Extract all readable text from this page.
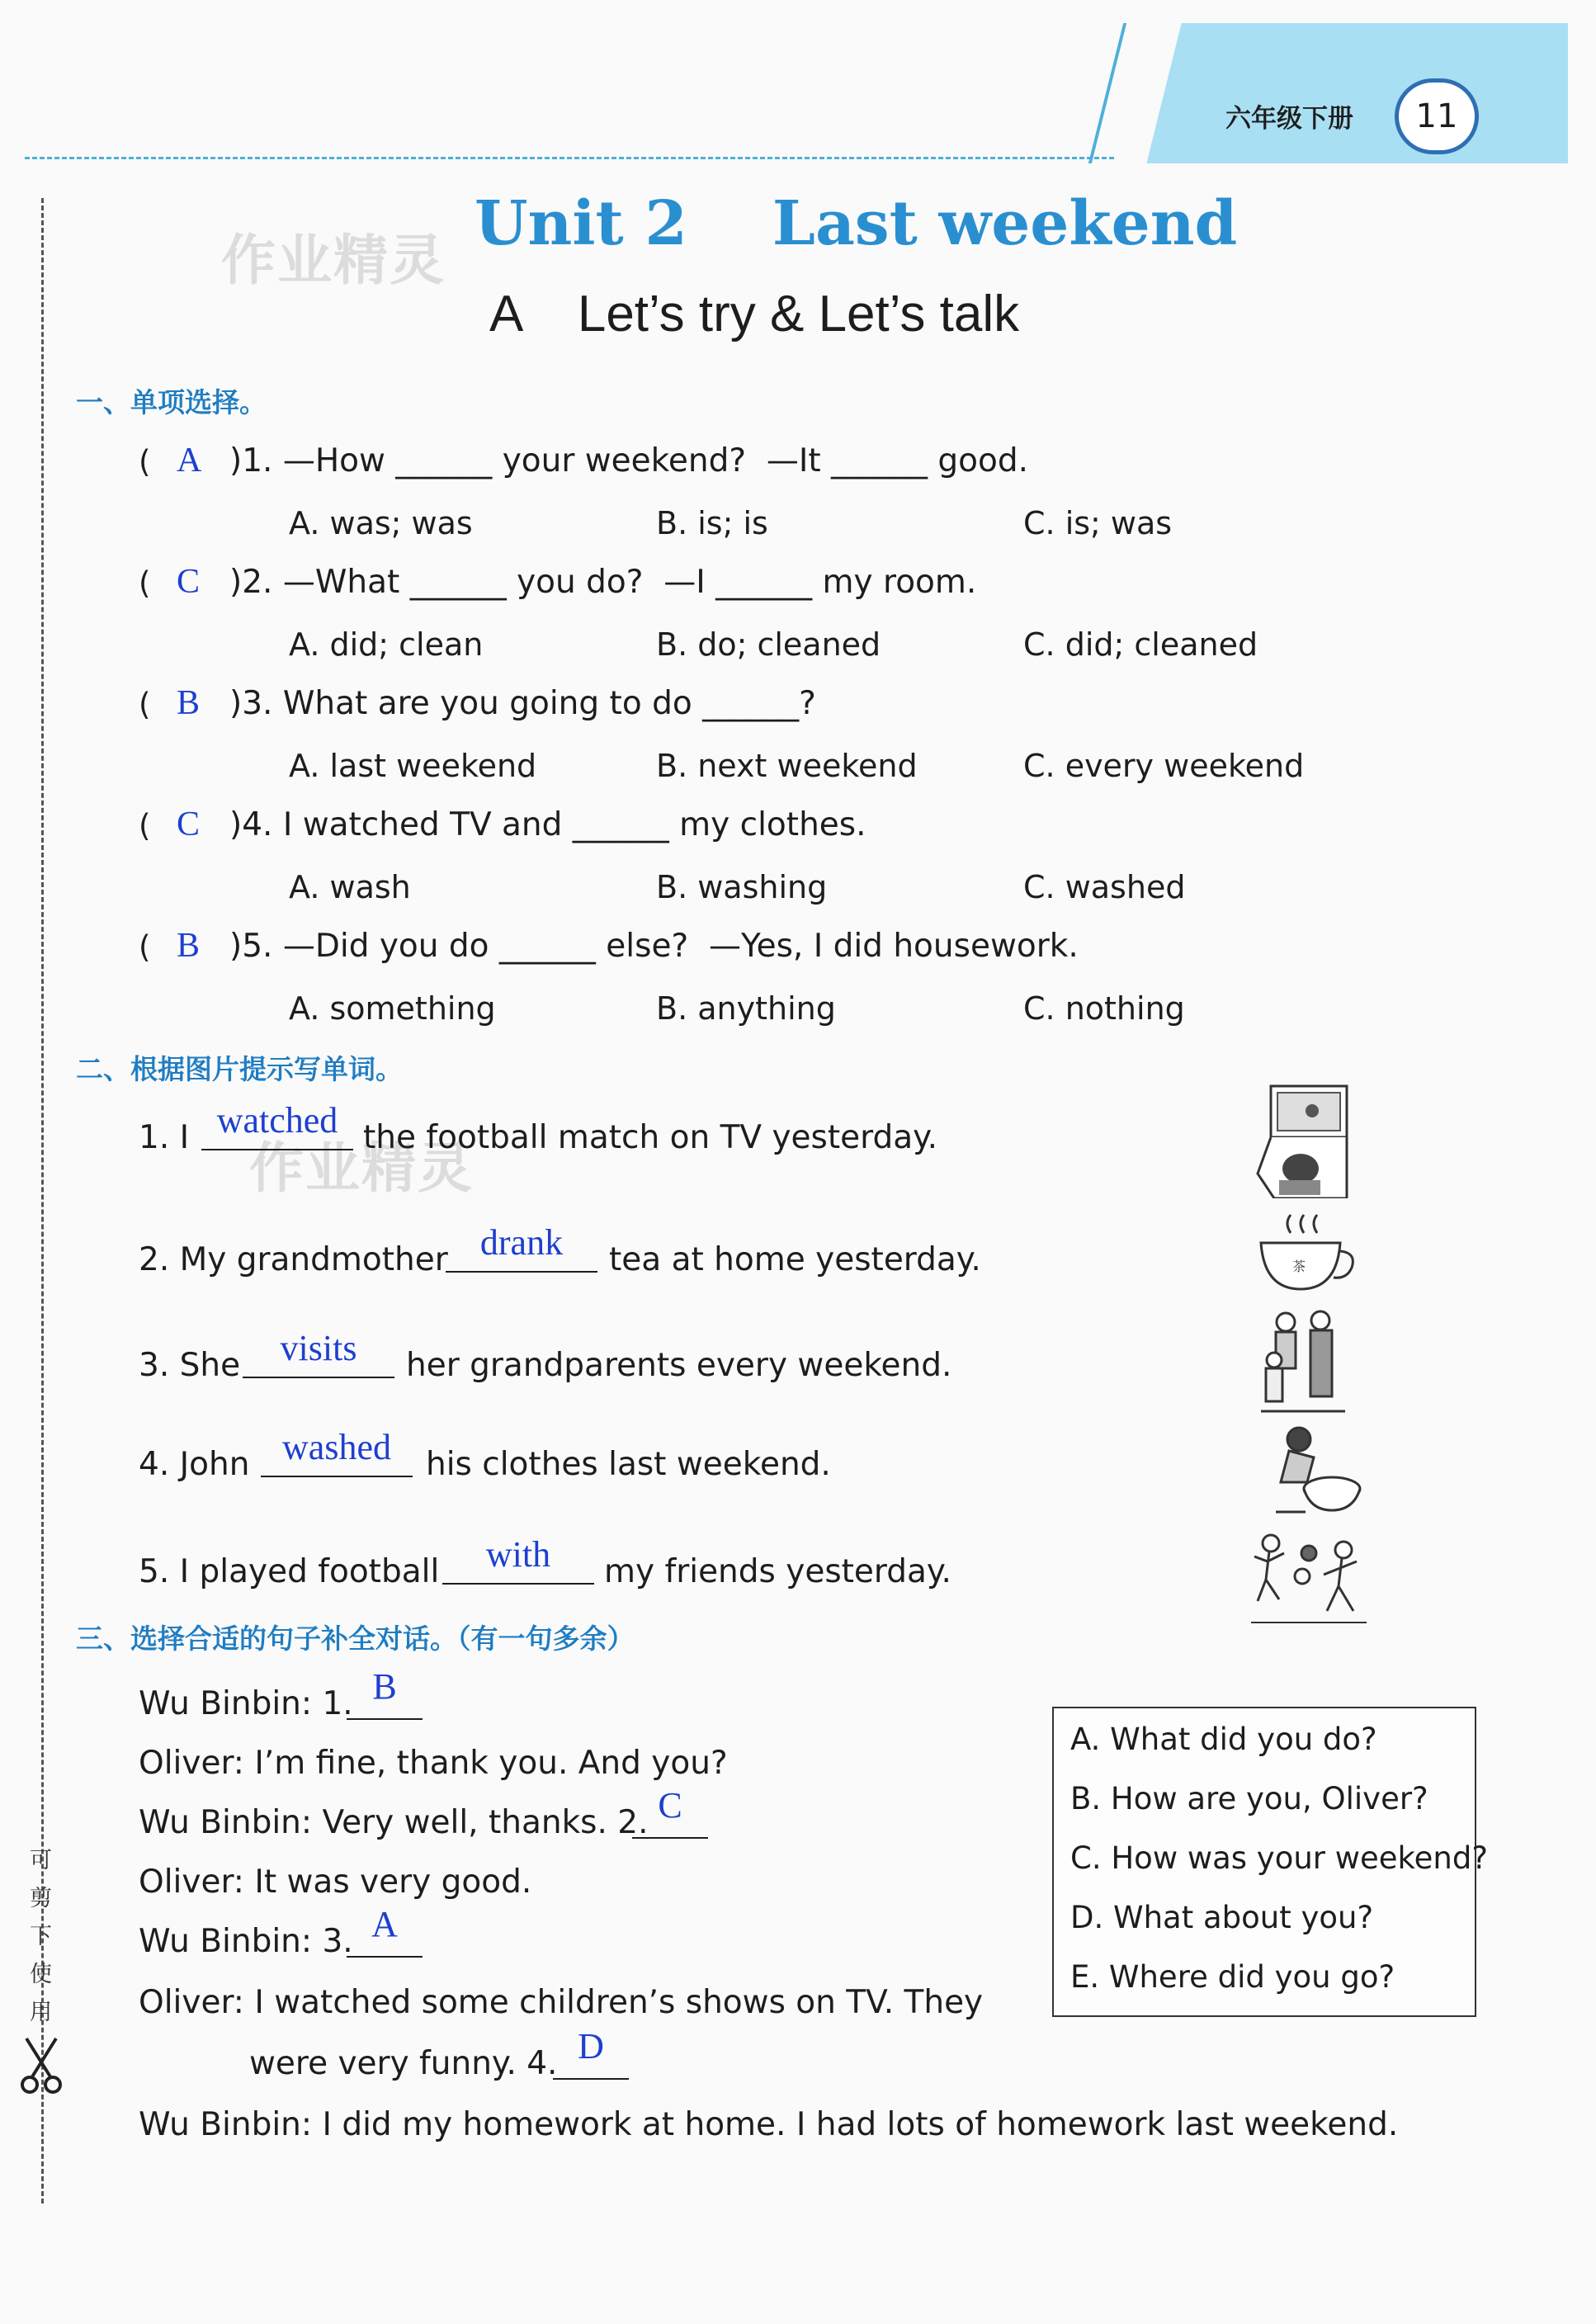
六年级下册	11
可
剪
下
使
用
作业精灵
作业精灵
Unit 2    Last weekend
A    Let’s try & Let’s talk
一、单项选择。
( A )1. —How ______ your weekend?  —It ______ good.
A. was; was	B. is; is	C. is; was
( C )2. —What ______ you do?  —I ______ my room.
A. did; clean	B. do; cleaned	C. did; cleaned
( B )3. What are you going to do ______?
A. last weekend	B. next weekend	C. every weekend
( C )4. I watched TV and ______ my clothes.
A. wash	B. washing	C. washed
( B )5. —Did you do ______ else?  —Yes, I did housework.
A. something	B. anything	C. nothing
二、根据图片提示写单词。
1. I watched the football match on TV yesterday.
2. My grandmother drank	tea at home yesterday.	茶
3. She	visits	her grandparents every weekend.
4. John washed	his clothes last weekend.
5. I played football	with	my friends yesterday.
三、选择合适的句子补全对话。（有一句多余）
Wu Binbin: 1. B
Oliver: I’m fine, thank you. And you?
Wu Binbin: Very well, thanks. 2. C
Oliver: It was very good.
Wu Binbin: 3. A
Oliver: I watched some children’s shows on TV. They
were very funny. 4. D
Wu Binbin: I did my homework at home. I had lots of homework last weekend.
A. What did you do?
B. How are you, Oliver?
C. How was your weekend?
D. What about you?
E. Where did you go?
